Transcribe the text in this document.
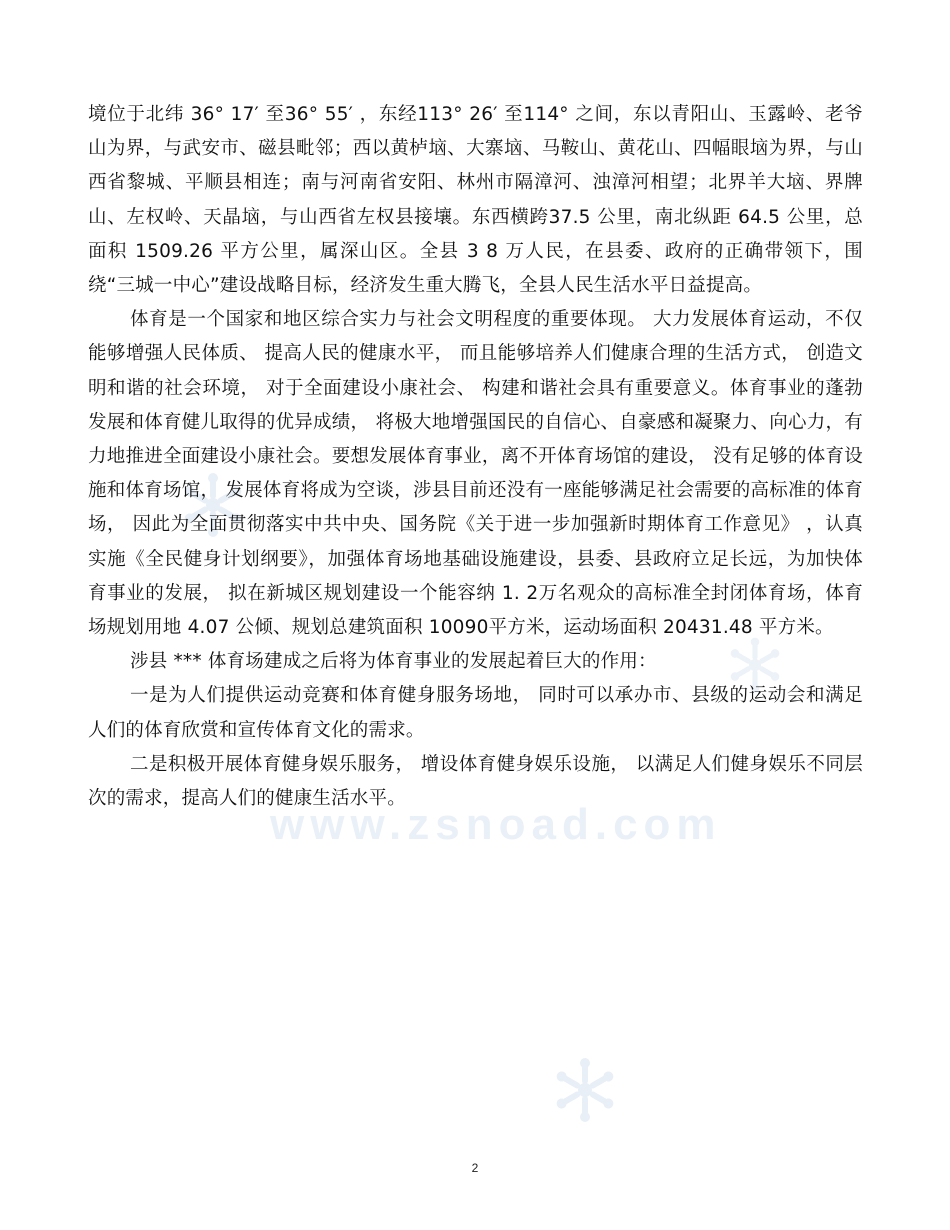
www.zsnoad.com

境位于北纬 36° 17′ 至36° 55′ ，东经113° 26′ 至114° 之间，东以青阳山、玉露岭、老爷山为界，与武安市、磁县毗邻；西以黄栌垴、大寨垴、马鞍山、黄花山、四幅眼垴为界，与山西省黎城、平顺县相连；南与河南省安阳、林州市隔漳河、浊漳河相望；北界羊大垴、界牌山、左权岭、天晶垴，与山西省左权县接壤。东西横跨37.5 公里，南北纵距 64.5 公里，总面积 1509.26 平方公里，属深山区。全县 3 8 万人民，在县委、政府的正确带领下，围绕“三城一中心”建设战略目标，经济发生重大腾飞，全县人民生活水平日益提高。

体育是一个国家和地区综合实力与社会文明程度的重要体现。 大力发展体育运动，不仅能够增强人民体质、 提高人民的健康水平， 而且能够培养人们健康合理的生活方式， 创造文明和谐的社会环境， 对于全面建设小康社会、 构建和谐社会具有重要意义。体育事业的蓬勃发展和体育健儿取得的优异成绩， 将极大地增强国民的自信心、自豪感和凝聚力、向心力，有力地推进全面建设小康社会。要想发展体育事业，离不开体育场馆的建设， 没有足够的体育设施和体育场馆， 发展体育将成为空谈，涉县目前还没有一座能够满足社会需要的高标准的体育场， 因此为全面贯彻落实中共中央、国务院《关于进一步加强新时期体育工作意见》 ，认真实施《全民健身计划纲要》，加强体育场地基础设施建设，县委、县政府立足长远，为加快体育事业的发展， 拟在新城区规划建设一个能容纳 1. 2万名观众的高标准全封闭体育场，体育场规划用地 4.07 公倾、规划总建筑面积 10090平方米，运动场面积 20431.48 平方米。

涉县 *** 体育场建成之后将为体育事业的发展起着巨大的作用：

一是为人们提供运动竞赛和体育健身服务场地， 同时可以承办市、县级的运动会和满足人们的体育欣赏和宣传体育文化的需求。

二是积极开展体育健身娱乐服务， 增设体育健身娱乐设施， 以满足人们健身娱乐不同层次的需求，提高人们的健康生活水平。

2
